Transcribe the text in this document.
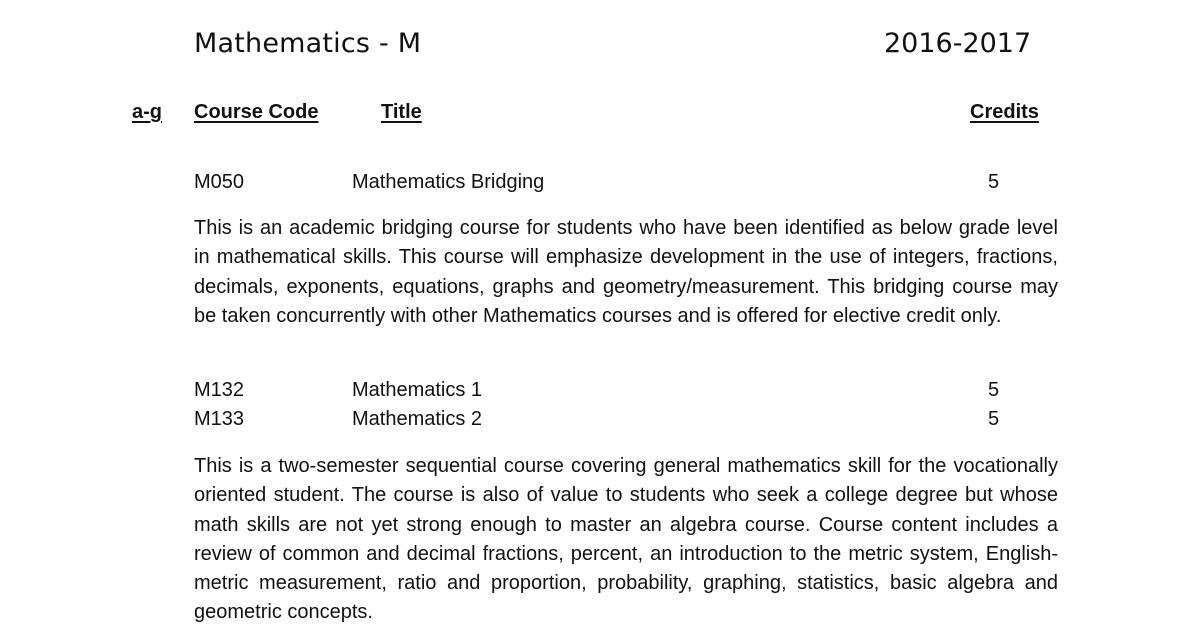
Mathematics - M	2016-2017
a-g Course Code	Title	Credits
M050	Mathematics Bridging	5
This is an academic bridging course for students who have been identified as below grade level in mathematical skills. This course will emphasize development in the use of integers, fractions, decimals, exponents, equations, graphs and geometry/measurement. This bridging course may be taken concurrently with other Mathematics courses and is offered for elective credit only.
M132	Mathematics 1	5
M133	Mathematics 2	5
This is a two-semester sequential course covering general mathematics skill for the vocationally oriented student. The course is also of value to students who seek a college degree but whose math skills are not yet strong enough to master an algebra course. Course content includes a review of common and decimal fractions, percent, an introduction to the metric system, English-metric measurement, ratio and proportion, probability, graphing, statistics, basic algebra and geometric concepts.
